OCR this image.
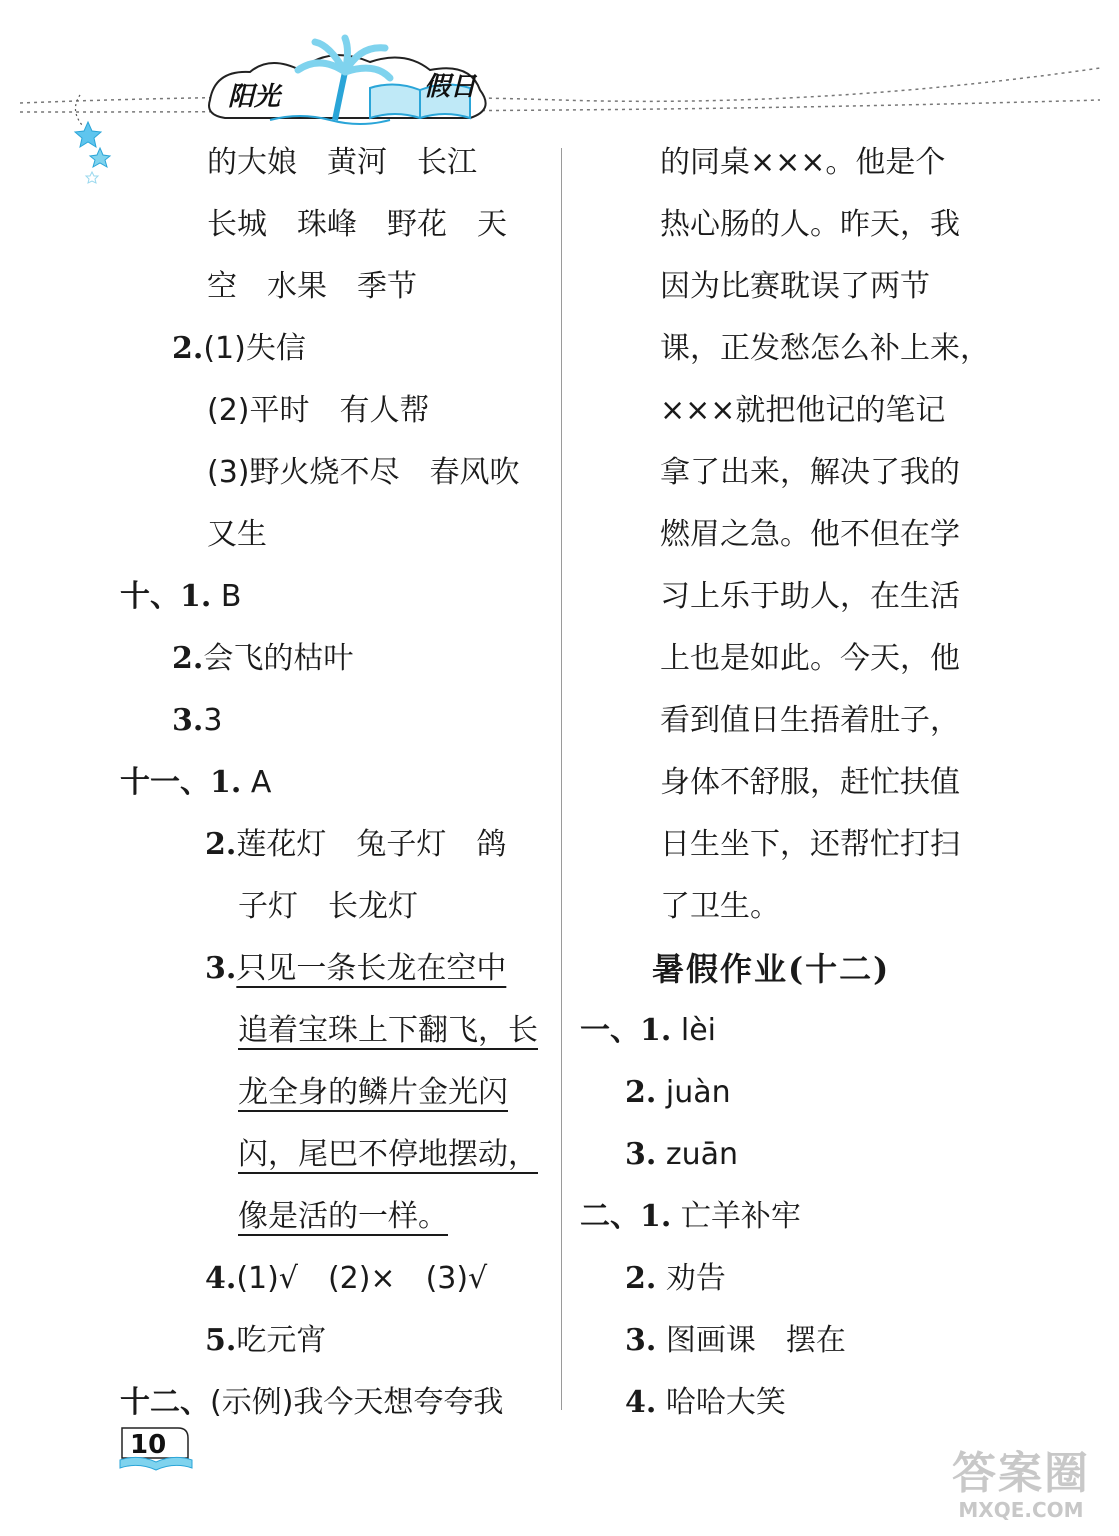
阳光	假日
的大娘　黄河　长江
长城　珠峰　野花　天
空　水果　季节
2.(1)失信
(2)平时　有人帮
(3)野火烧不尽　春风吹
又生
十、1. B
2.会飞的枯叶
3.3
十一、1. A
2.莲花灯　兔子灯　鸽
子灯　长龙灯
3.只见一条长龙在空中
追着宝珠上下翻飞，长
龙全身的鳞片金光闪
闪，尾巴不停地摆动，
像是活的一样。
4.(1)√　(2)×　(3)√
5.吃元宵
十二、(示例)我今天想夸夸我
的同桌×××。他是个
热心肠的人。昨天，我
因为比赛耽误了两节
课，正发愁怎么补上来，
×××就把他记的笔记
拿了出来，解决了我的
燃眉之急。他不但在学
习上乐于助人，在生活
上也是如此。今天，他
看到值日生捂着肚子，
身体不舒服，赶忙扶值
日生坐下，还帮忙打扫
了卫生。
暑假作业(十二)
一、1. lèi
2. juàn
3. zuān
二、1. 亡羊补牢
2. 劝告
3. 图画课　摆在
4. 哈哈大笑
10
答案圈
MXQE.COM
